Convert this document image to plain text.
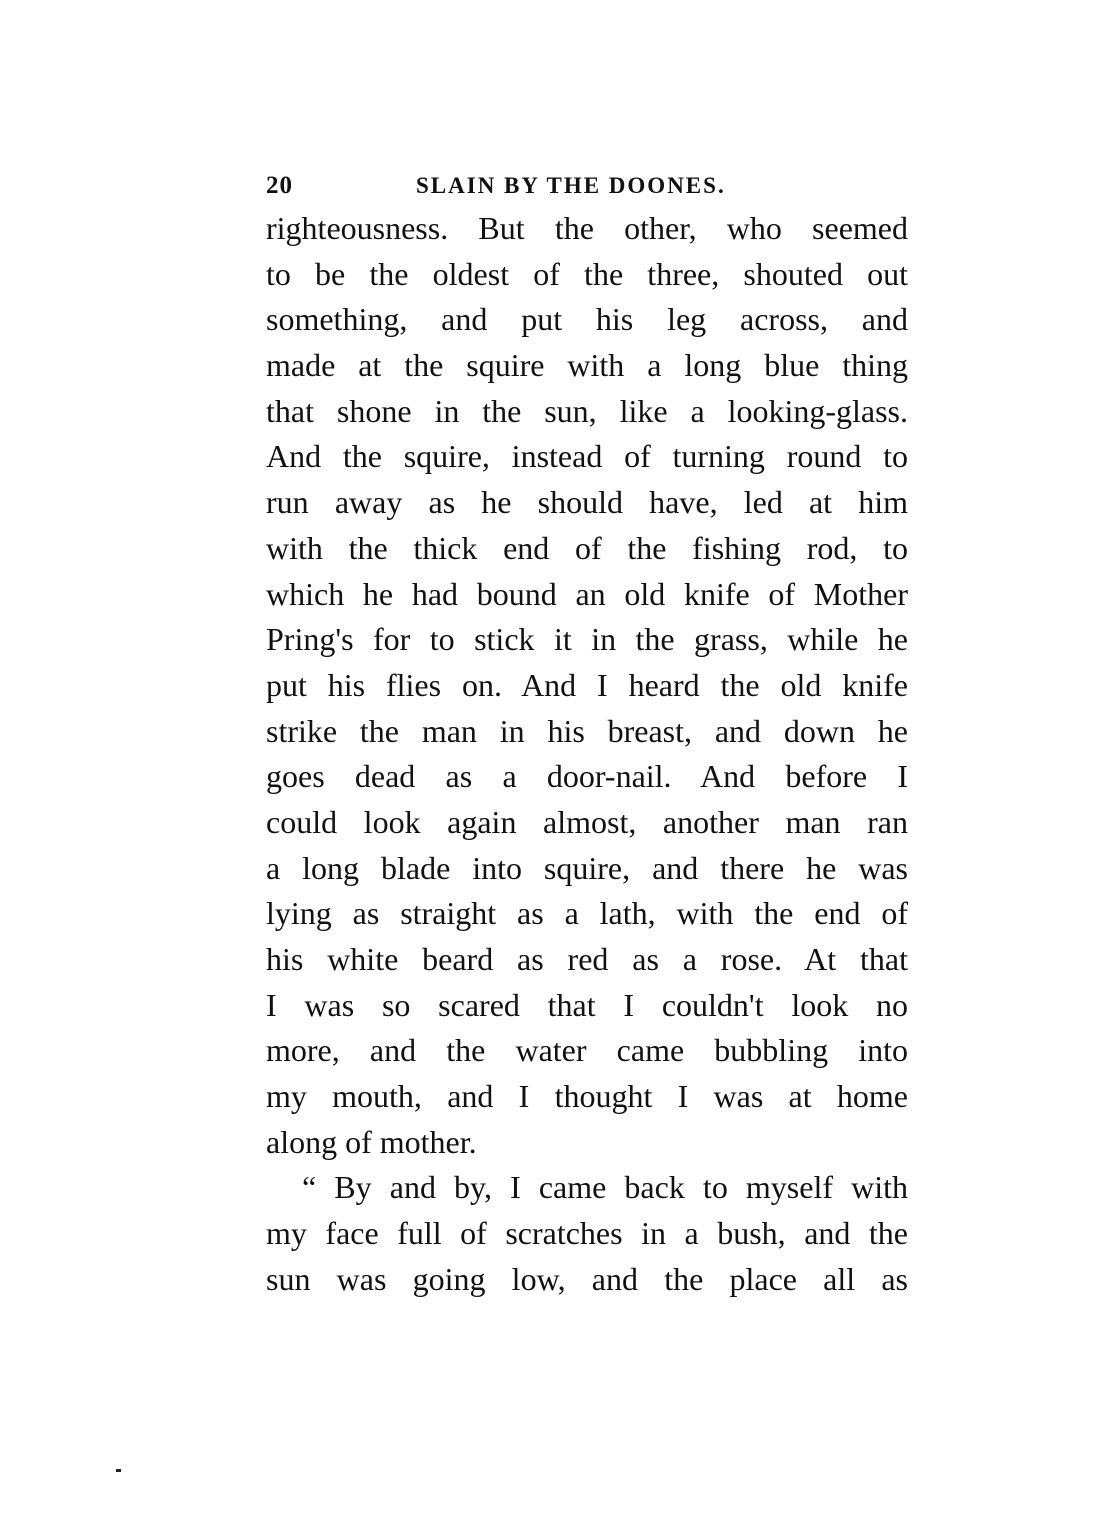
20	SLAIN BY THE DOONES.
righteousness. But the other, who seemed
to be the oldest of the three, shouted out
something, and put his leg across, and
made at the squire with a long blue thing
that shone in the sun, like a looking-glass.
And the squire, instead of turning round to
run away as he should have, led at him
with the thick end of the fishing rod, to
which he had bound an old knife of Mother
Pring's for to stick it in the grass, while he
put his flies on. And I heard the old knife
strike the man in his breast, and down he
goes dead as a door-nail. And before I
could look again almost, another man ran
a long blade into squire, and there he was
lying as straight as a lath, with the end of
his white beard as red as a rose. At that
I was so scared that I couldn't look no
more, and the water came bubbling into
my mouth, and I thought I was at home
along of mother.
“ By and by, I came back to myself with
my face full of scratches in a bush, and the
sun was going low, and the place all as
